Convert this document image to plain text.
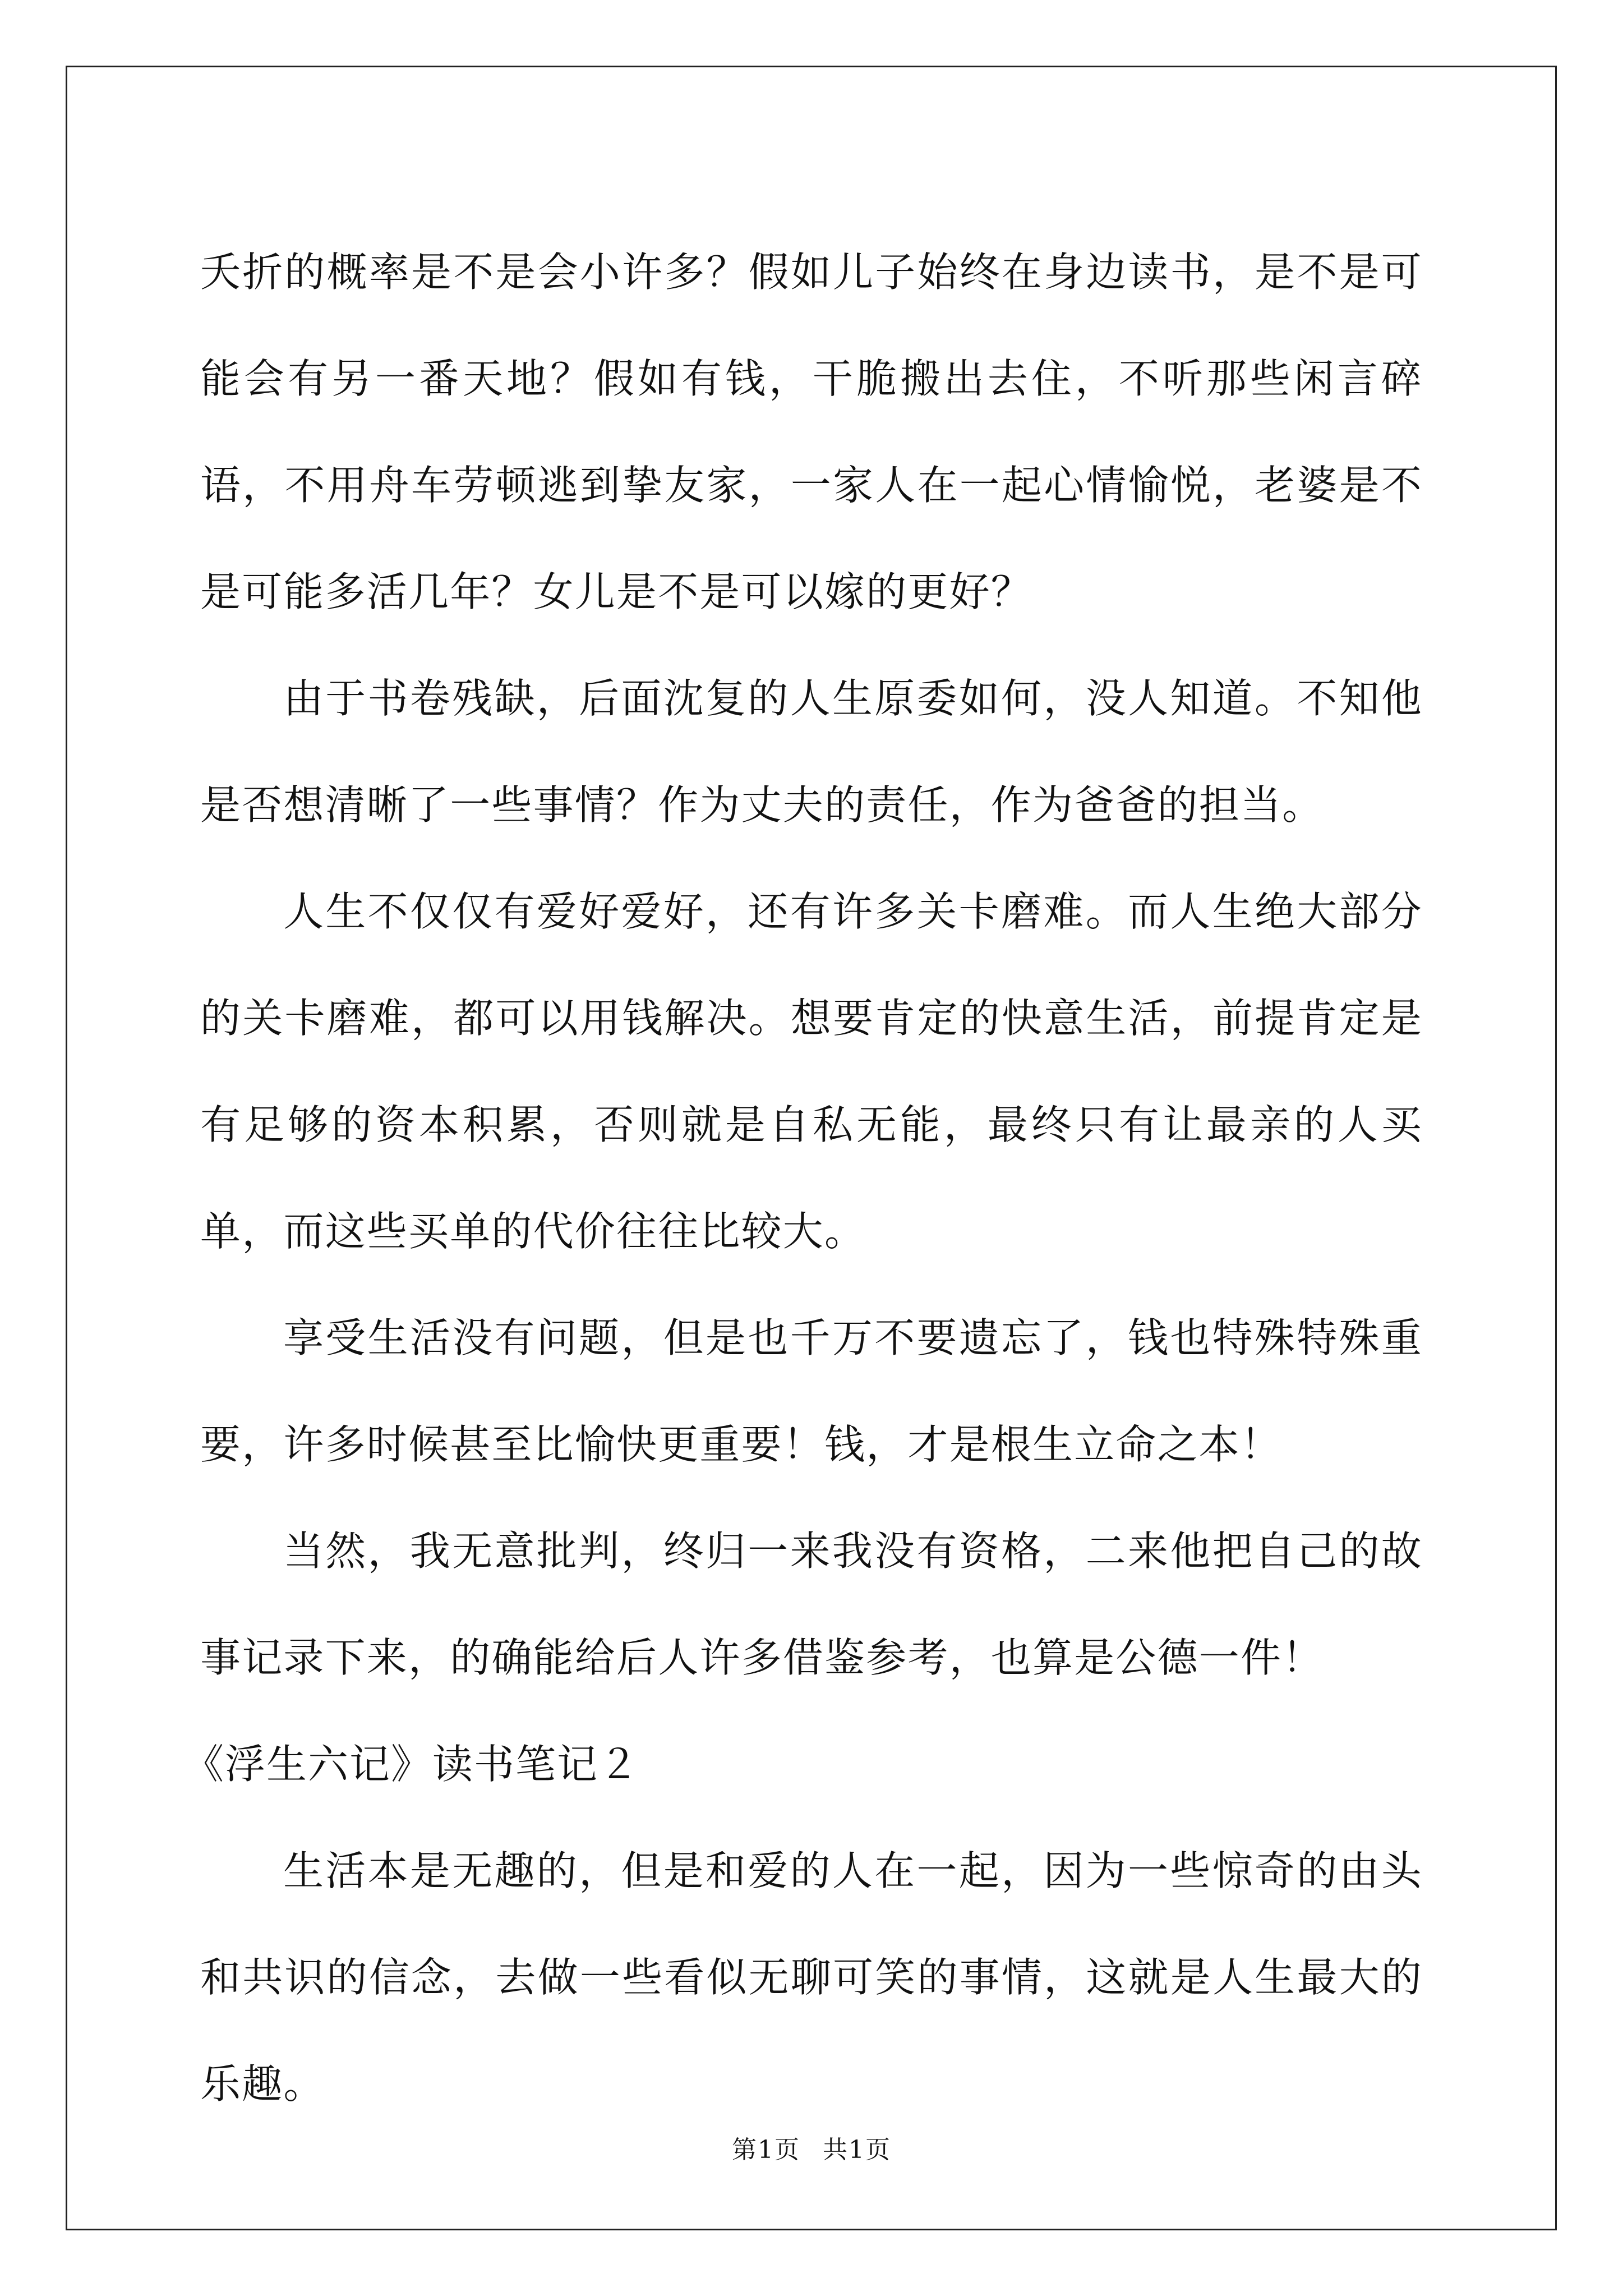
夭折的概率是不是会小许多？假如儿子始终在身边读书，是不是可能会有另一番天地？假如有钱，干脆搬出去住，不听那些闲言碎语，不用舟车劳顿逃到挚友家，一家人在一起心情愉悦，老婆是不是可能多活几年？女儿是不是可以嫁的更好？

由于书卷残缺，后面沈复的人生原委如何，没人知道。不知他是否想清晰了一些事情？作为丈夫的责任，作为爸爸的担当。

人生不仅仅有爱好爱好，还有许多关卡磨难。而人生绝大部分的关卡磨难，都可以用钱解决。想要肯定的快意生活，前提肯定是有足够的资本积累，否则就是自私无能，最终只有让最亲的人买单，而这些买单的代价往往比较大。

享受生活没有问题，但是也千万不要遗忘了，钱也特殊特殊重要，许多时候甚至比愉快更重要！钱，才是根生立命之本！

当然，我无意批判，终归一来我没有资格，二来他把自己的故事记录下来，的确能给后人许多借鉴参考，也算是公德一件！

《浮生六记》读书笔记２

生活本是无趣的，但是和爱的人在一起，因为一些惊奇的由头和共识的信念，去做一些看似无聊可笑的事情，这就是人生最大的乐趣。

第1页 共1页
